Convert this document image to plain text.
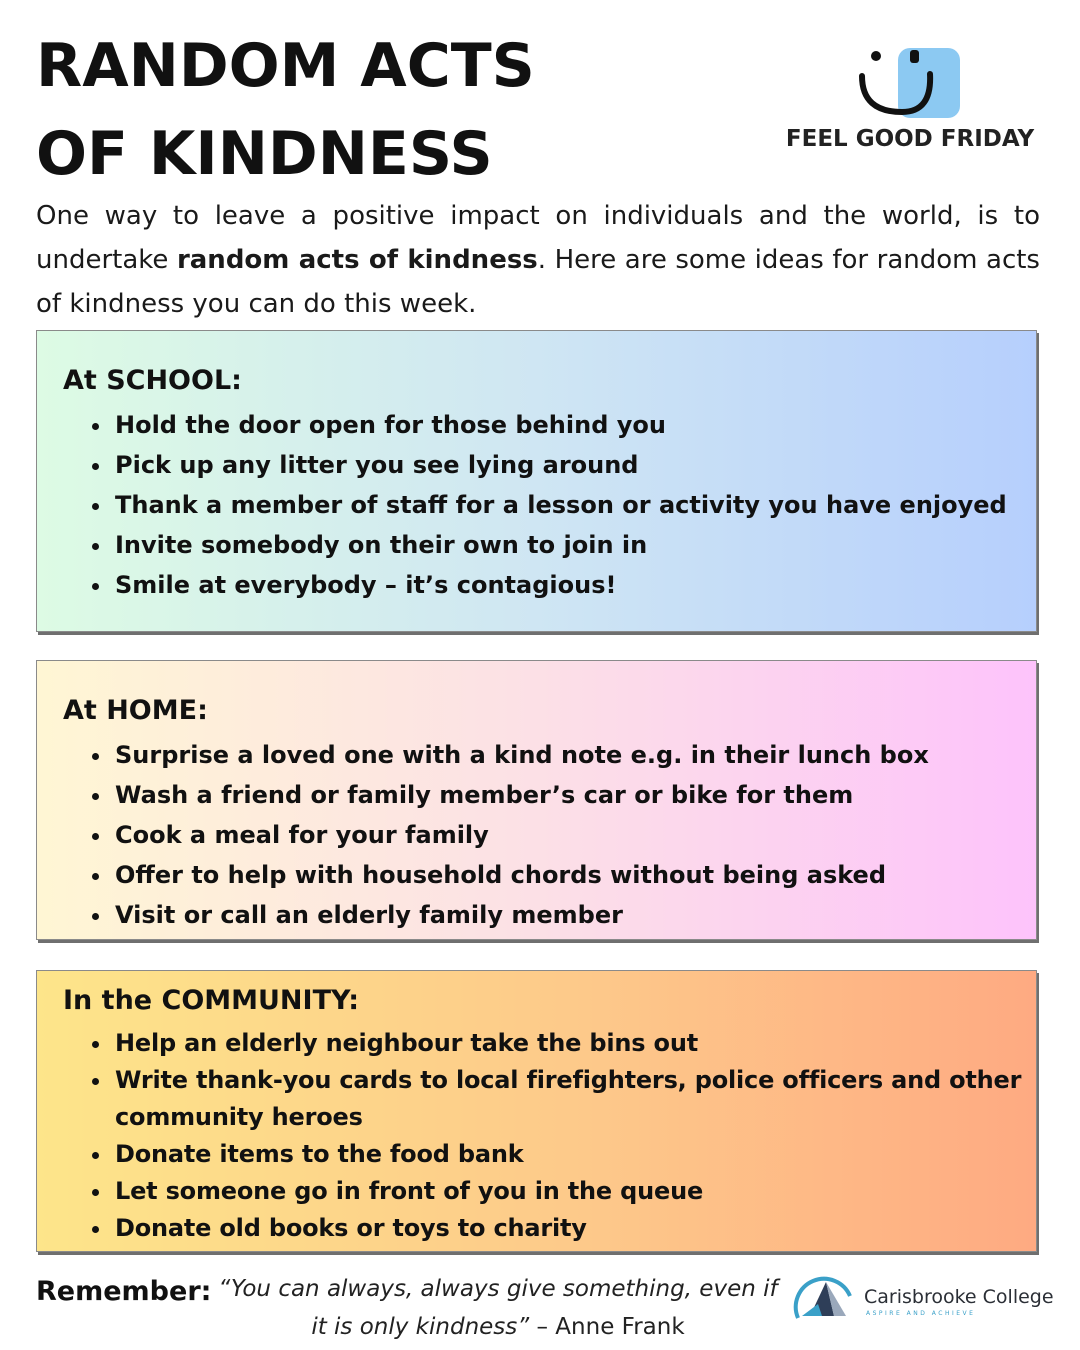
RANDOM ACTS
OF KINDNESS	FEEL GOOD FRIDAY

One way to leave a positive impact on individuals and the world, is to undertake random acts of kindness. Here are some ideas for random acts of kindness you can do this week.

At SCHOOL:
• Hold the door open for those behind you
• Pick up any litter you see lying around
• Thank a member of staff for a lesson or activity you have enjoyed
• Invite somebody on their own to join in
• Smile at everybody – it’s contagious!
At HOME:
• Surprise a loved one with a kind note e.g. in their lunch box
• Wash a friend or family member’s car or bike for them
• Cook a meal for your family
• Offer to help with household chords without being asked
• Visit or call an elderly family member
In the COMMUNITY:
• Help an elderly neighbour take the bins out
• Write thank-you cards to local firefighters, police officers and other community heroes
• Donate items to the food bank
• Let someone go in front of you in the queue
• Donate old books or toys to charity

Remember: “You can always, always give something, even if it is only kindness” – Anne Frank

Carisbrooke College
ASPIRE AND ACHIEVE
